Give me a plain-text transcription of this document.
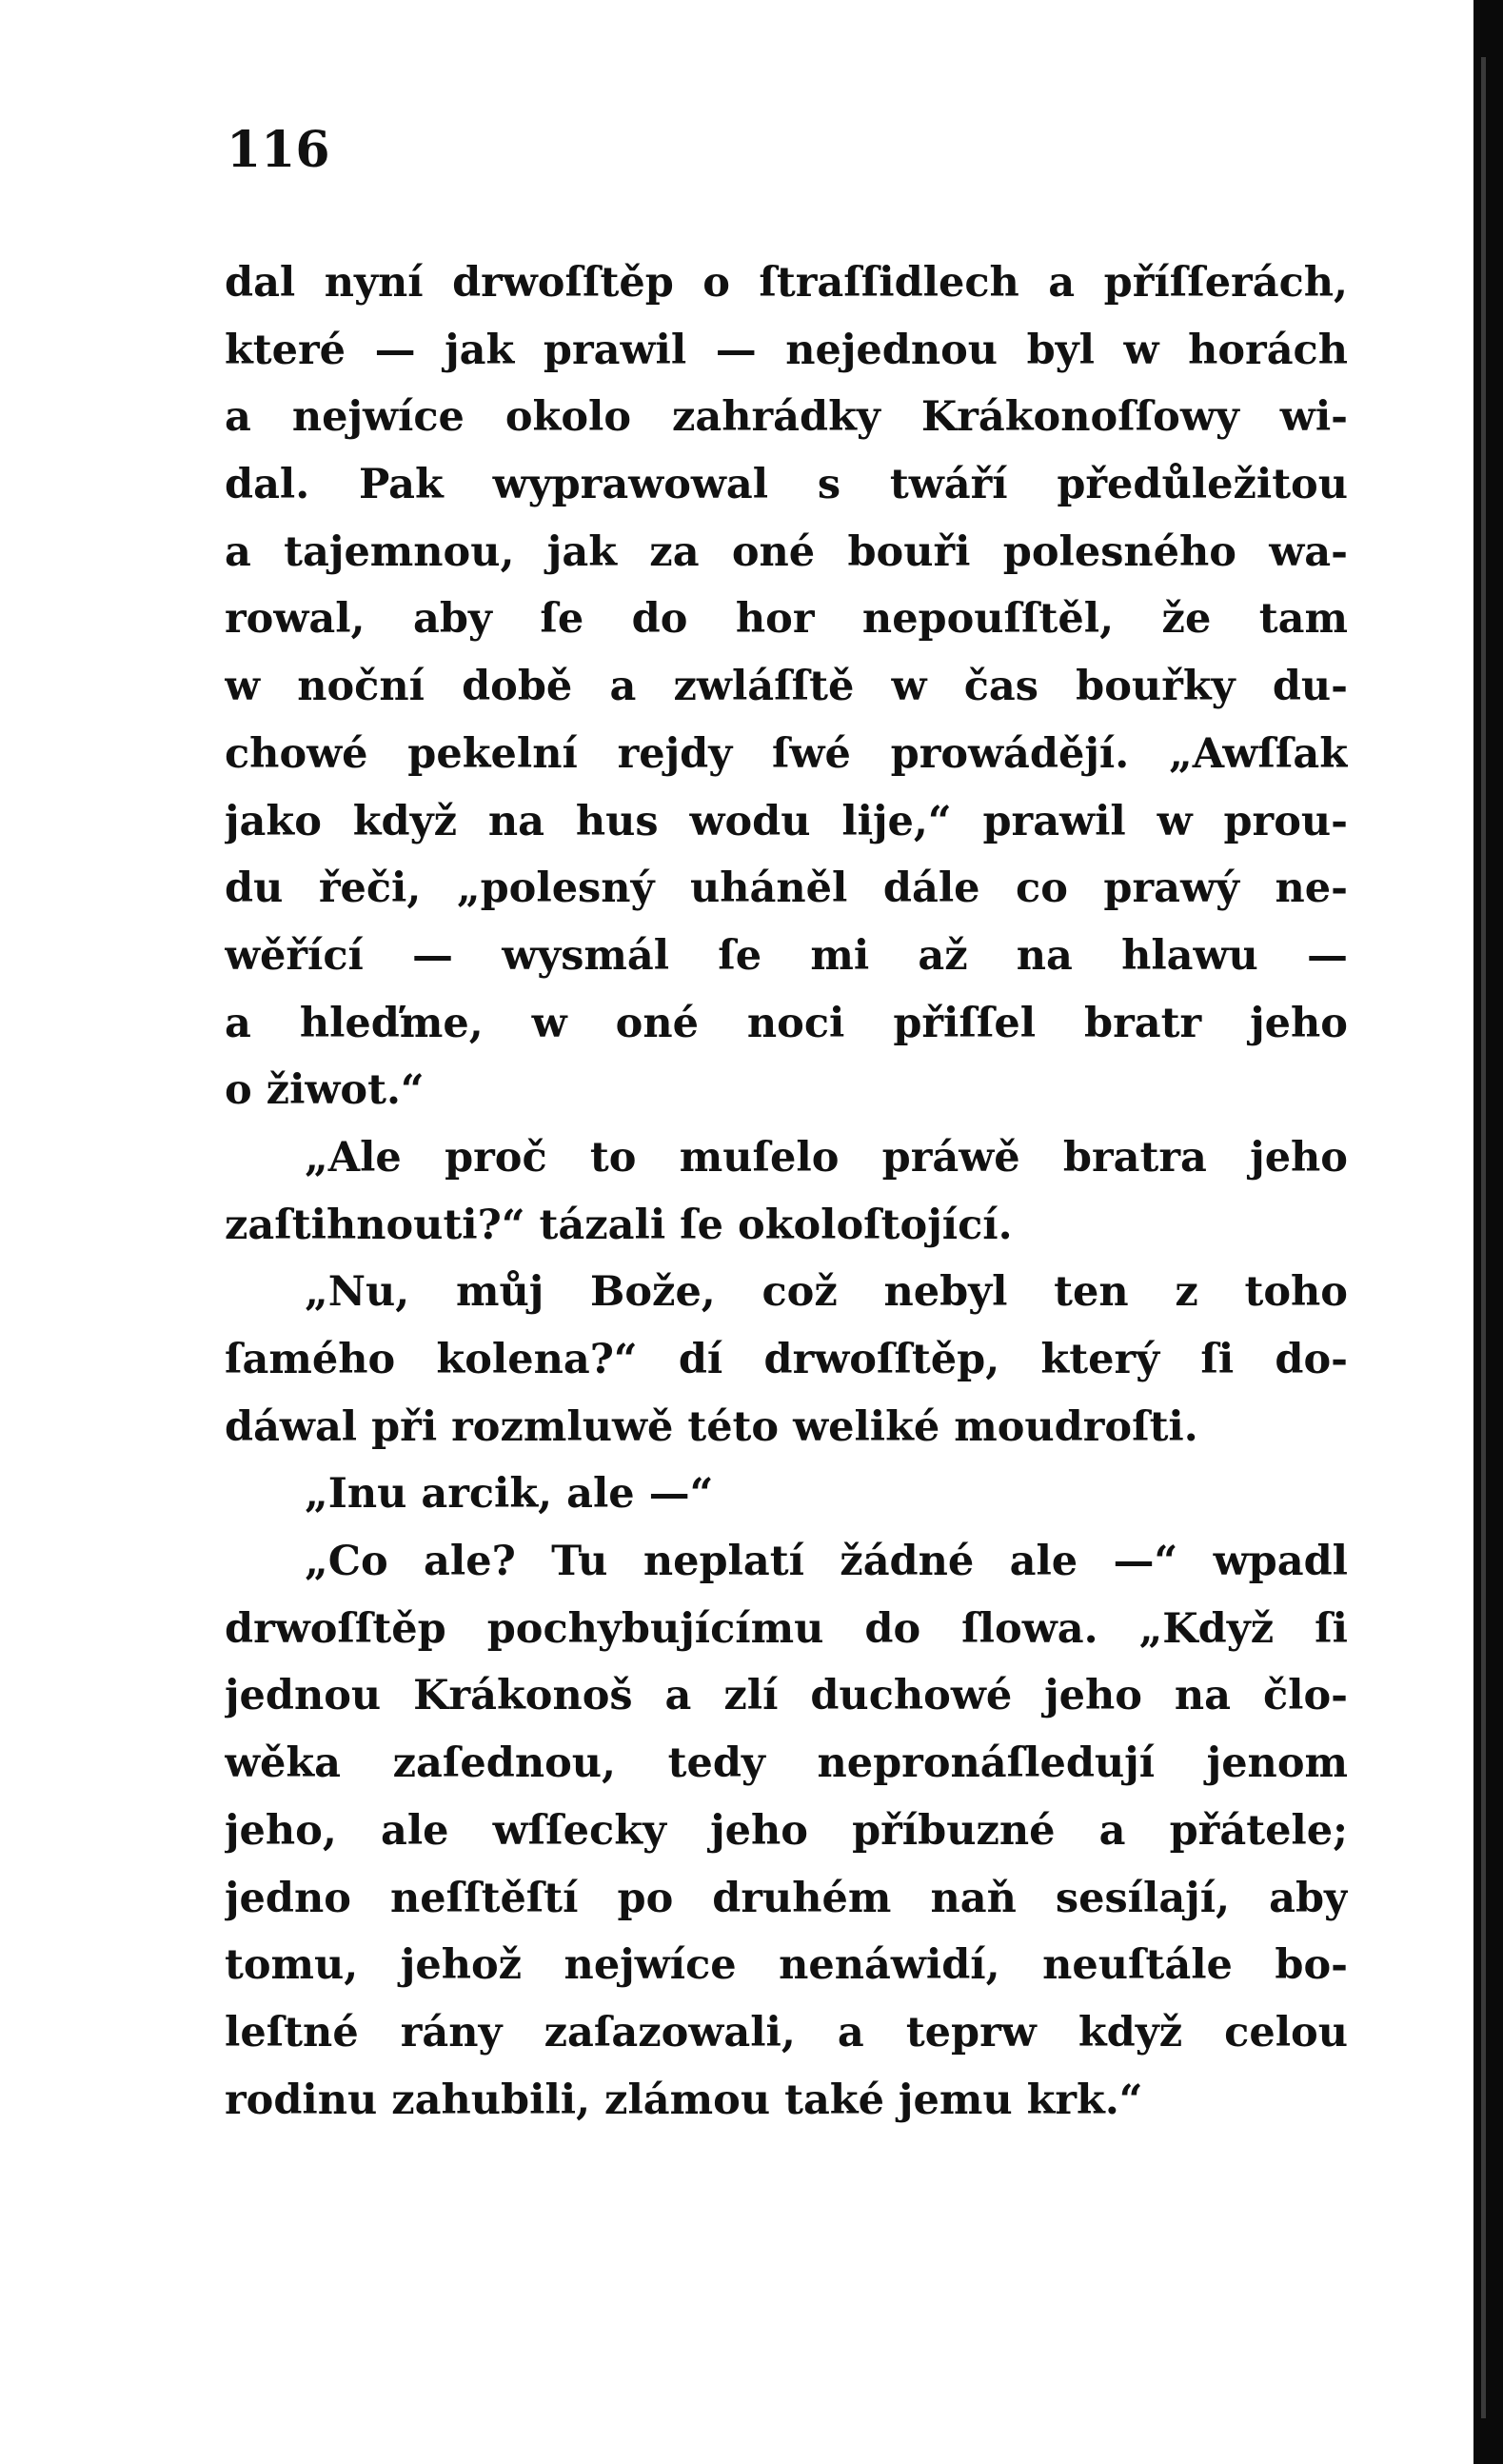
116
dal nyní drwoſſtěp o ſtraſſidlech a příſſerách,
které — jak prawil — nejednou byl w horách
a nejwíce okolo zahrádky Krákonoſſowy wi-
dal. Pak wyprawowal s twáří předůležitou
a tajemnou, jak za oné bouři polesného wa-
rowal, aby ſe do hor nepouſſtěl, že tam
w noční době a zwláſſtě w čas bouřky du-
chowé pekelní rejdy ſwé prowádějí. „Awſſak
jako když na hus wodu lije,“ prawil w prou-
du řeči, „polesný uháněl dále co prawý ne-
wěřící — wysmál ſe mi až na hlawu —
a hleďme, w oné noci přiſſel bratr jeho
o žiwot.“
„Ale proč to muſelo práwě bratra jeho
zaſtihnouti?“ tázali ſe okoloſtojící.
„Nu, můj Bože, což nebyl ten z toho
ſamého kolena?“ dí drwoſſtěp, který ſi do-
dáwal při rozmluwě této weliké moudroſti.
„Inu arcik, ale —“
„Co ale? Tu neplatí žádné ale —“ wpadl
drwoſſtěp pochybujícímu do ſlowa. „Když ſi
jednou Krákonoš a zlí duchowé jeho na člo-
wěka zaſednou, tedy nepronáſledují jenom
jeho, ale wſſecky jeho příbuzné a přátele;
jedno neſſtěſtí po druhém naň sesílají, aby
tomu, jehož nejwíce nenáwidí, neuſtále bo-
leſtné rány zaſazowali, a teprw když celou
rodinu zahubili, zlámou také jemu krk.“
